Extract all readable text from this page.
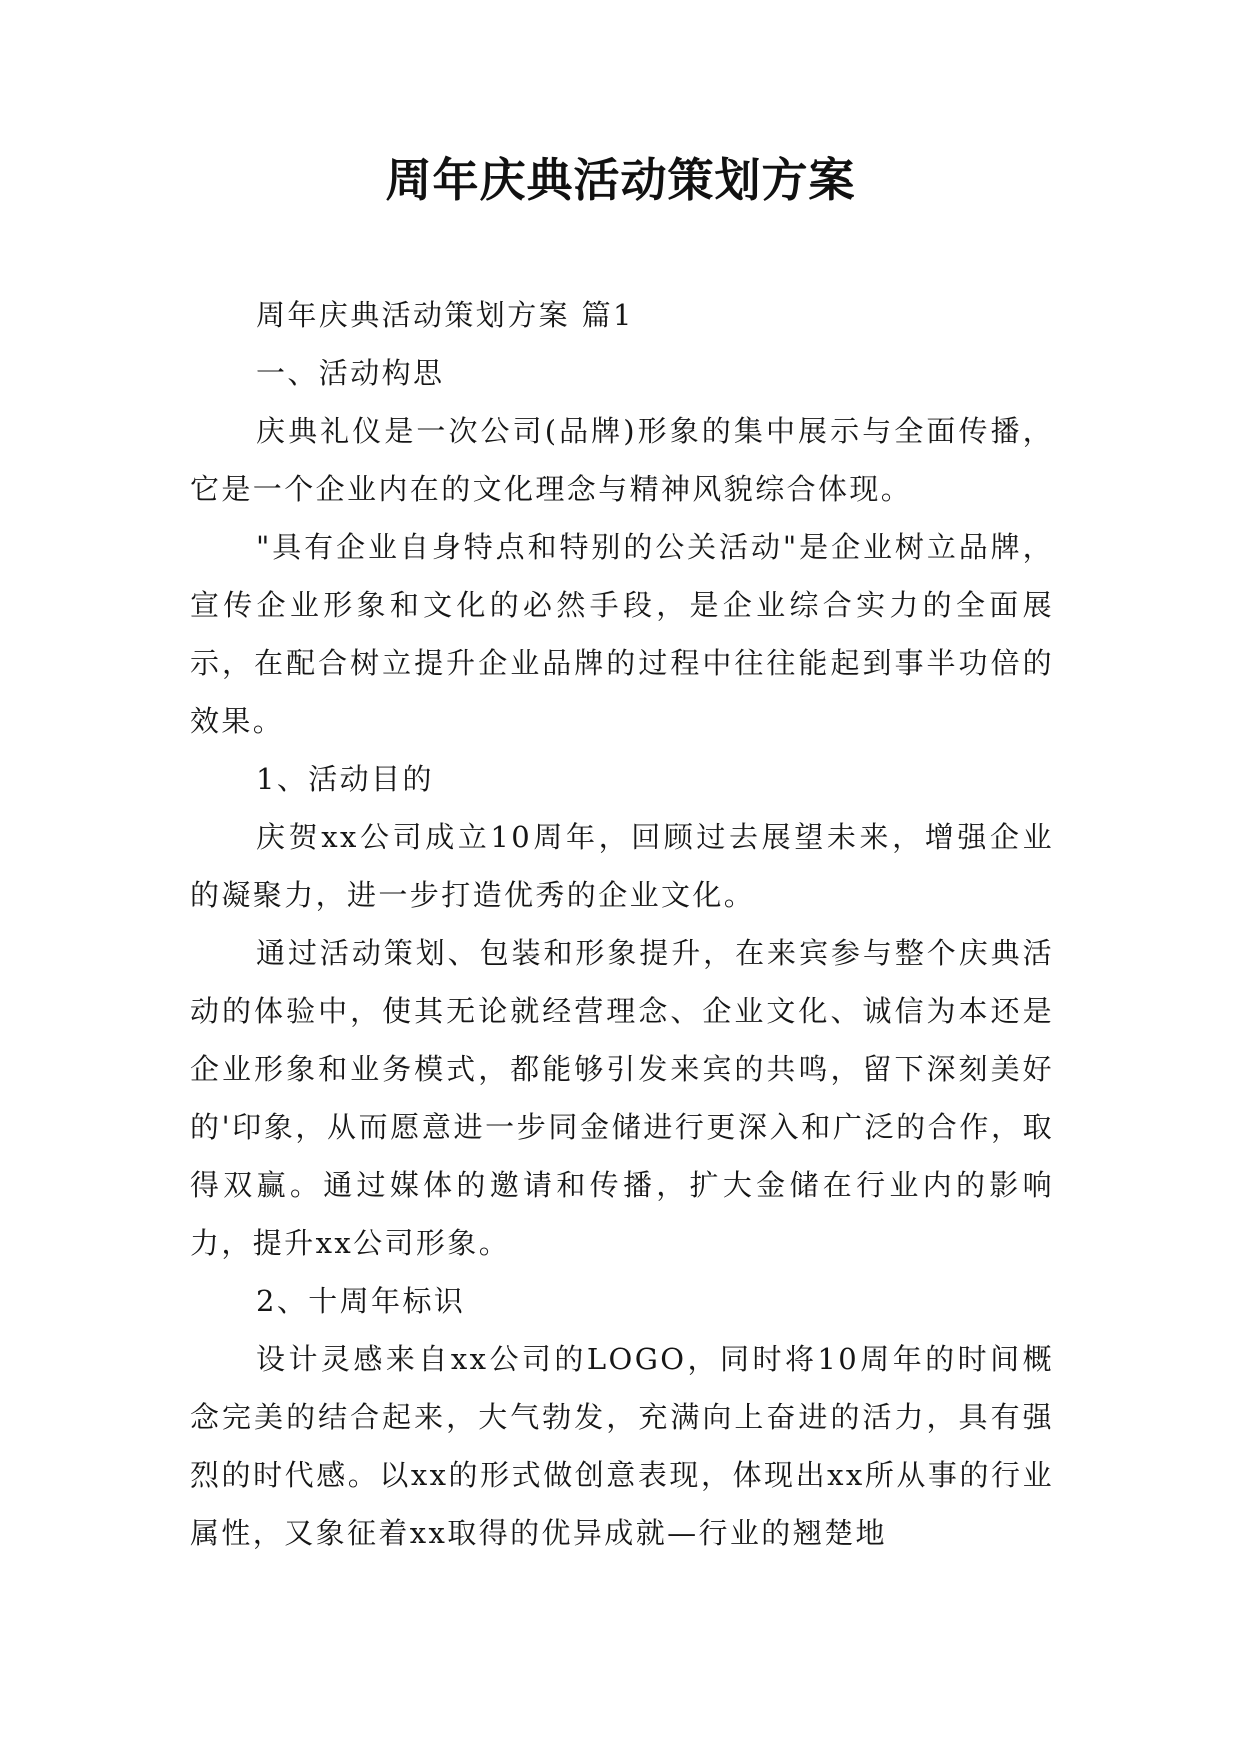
周年庆典活动策划方案

周年庆典活动策划方案 篇1

一、活动构思

庆典礼仪是一次公司(品牌)形象的集中展示与全面传播，它是一个企业内在的文化理念与精神风貌综合体现。

"具有企业自身特点和特别的公关活动"是企业树立品牌，宣传企业形象和文化的必然手段，是企业综合实力的全面展示，在配合树立提升企业品牌的过程中往往能起到事半功倍的效果。

1、活动目的

庆贺xx公司成立10周年，回顾过去展望未来，增强企业的凝聚力，进一步打造优秀的企业文化。

通过活动策划、包装和形象提升，在来宾参与整个庆典活动的体验中，使其无论就经营理念、企业文化、诚信为本还是企业形象和业务模式，都能够引发来宾的共鸣，留下深刻美好的'印象，从而愿意进一步同金储进行更深入和广泛的合作，取得双赢。通过媒体的邀请和传播，扩大金储在行业内的影响力，提升xx公司形象。

2、十周年标识

设计灵感来自xx公司的LOGO，同时将10周年的时间概念完美的结合起来，大气勃发，充满向上奋进的活力，具有强烈的时代感。以xx的形式做创意表现，体现出xx所从事的行业属性，又象征着xx取得的优异成就—行业的翘楚地
